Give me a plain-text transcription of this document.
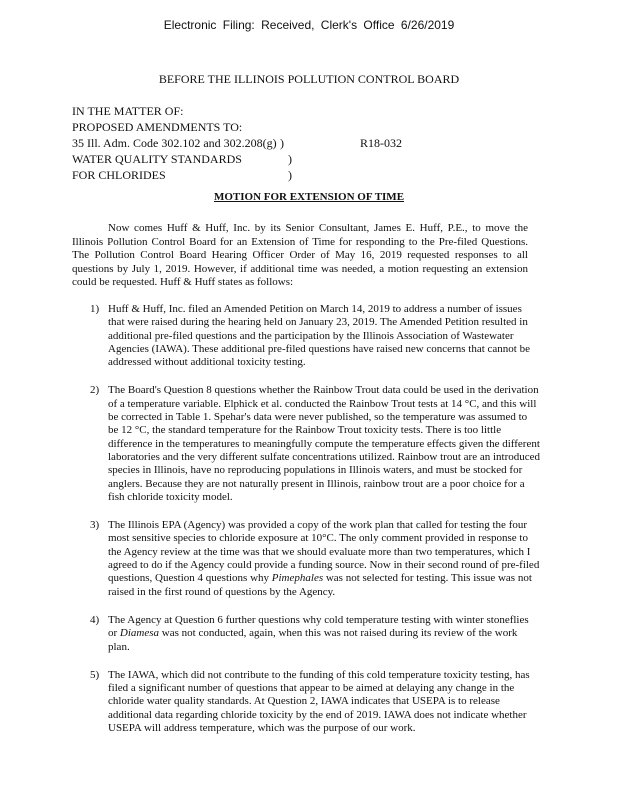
Electronic Filing: Received, Clerk's Office 6/26/2019
BEFORE THE ILLINOIS POLLUTION CONTROL BOARD
IN THE MATTER OF:
PROPOSED AMENDMENTS TO:
35 Ill. Adm. Code 302.102 and 302.208(g) )	R18-032
WATER QUALITY STANDARDS	)
FOR CHLORIDES	)
MOTION FOR EXTENSION OF TIME
Now comes Huff & Huff, Inc. by its Senior Consultant, James E. Huff, P.E., to move the Illinois Pollution Control Board for an Extension of Time for responding to the Pre-filed Questions. The Pollution Control Board Hearing Officer Order of May 16, 2019 requested responses to all questions by July 1, 2019. However, if additional time was needed, a motion requesting an extension could be requested. Huff & Huff states as follows:
1) Huff & Huff, Inc. filed an Amended Petition on March 14, 2019 to address a number of issues that were raised during the hearing held on January 23, 2019. The Amended Petition resulted in additional pre-filed questions and the participation by the Illinois Association of Wastewater Agencies (IAWA). These additional pre-filed questions have raised new concerns that cannot be addressed without additional toxicity testing.
2) The Board's Question 8 questions whether the Rainbow Trout data could be used in the derivation of a temperature variable. Elphick et al. conducted the Rainbow Trout tests at 14 °C, and this will be corrected in Table 1. Spehar's data were never published, so the temperature was assumed to be 12 °C, the standard temperature for the Rainbow Trout toxicity tests. There is too little difference in the temperatures to meaningfully compute the temperature effects given the different laboratories and the very different sulfate concentrations utilized. Rainbow trout are an introduced species in Illinois, have no reproducing populations in Illinois waters, and must be stocked for anglers. Because they are not naturally present in Illinois, rainbow trout are a poor choice for a fish chloride toxicity model.
3) The Illinois EPA (Agency) was provided a copy of the work plan that called for testing the four most sensitive species to chloride exposure at 10°C. The only comment provided in response to the Agency review at the time was that we should evaluate more than two temperatures, which I agreed to do if the Agency could provide a funding source. Now in their second round of pre-filed questions, Question 4 questions why Pimephales was not selected for testing. This issue was not raised in the first round of questions by the Agency.
4) The Agency at Question 6 further questions why cold temperature testing with winter stoneflies or Diamesa was not conducted, again, when this was not raised during its review of the work plan.
5) The IAWA, which did not contribute to the funding of this cold temperature toxicity testing, has filed a significant number of questions that appear to be aimed at delaying any change in the chloride water quality standards. At Question 2, IAWA indicates that USEPA is to release additional data regarding chloride toxicity by the end of 2019. IAWA does not indicate whether USEPA will address temperature, which was the purpose of our work.
